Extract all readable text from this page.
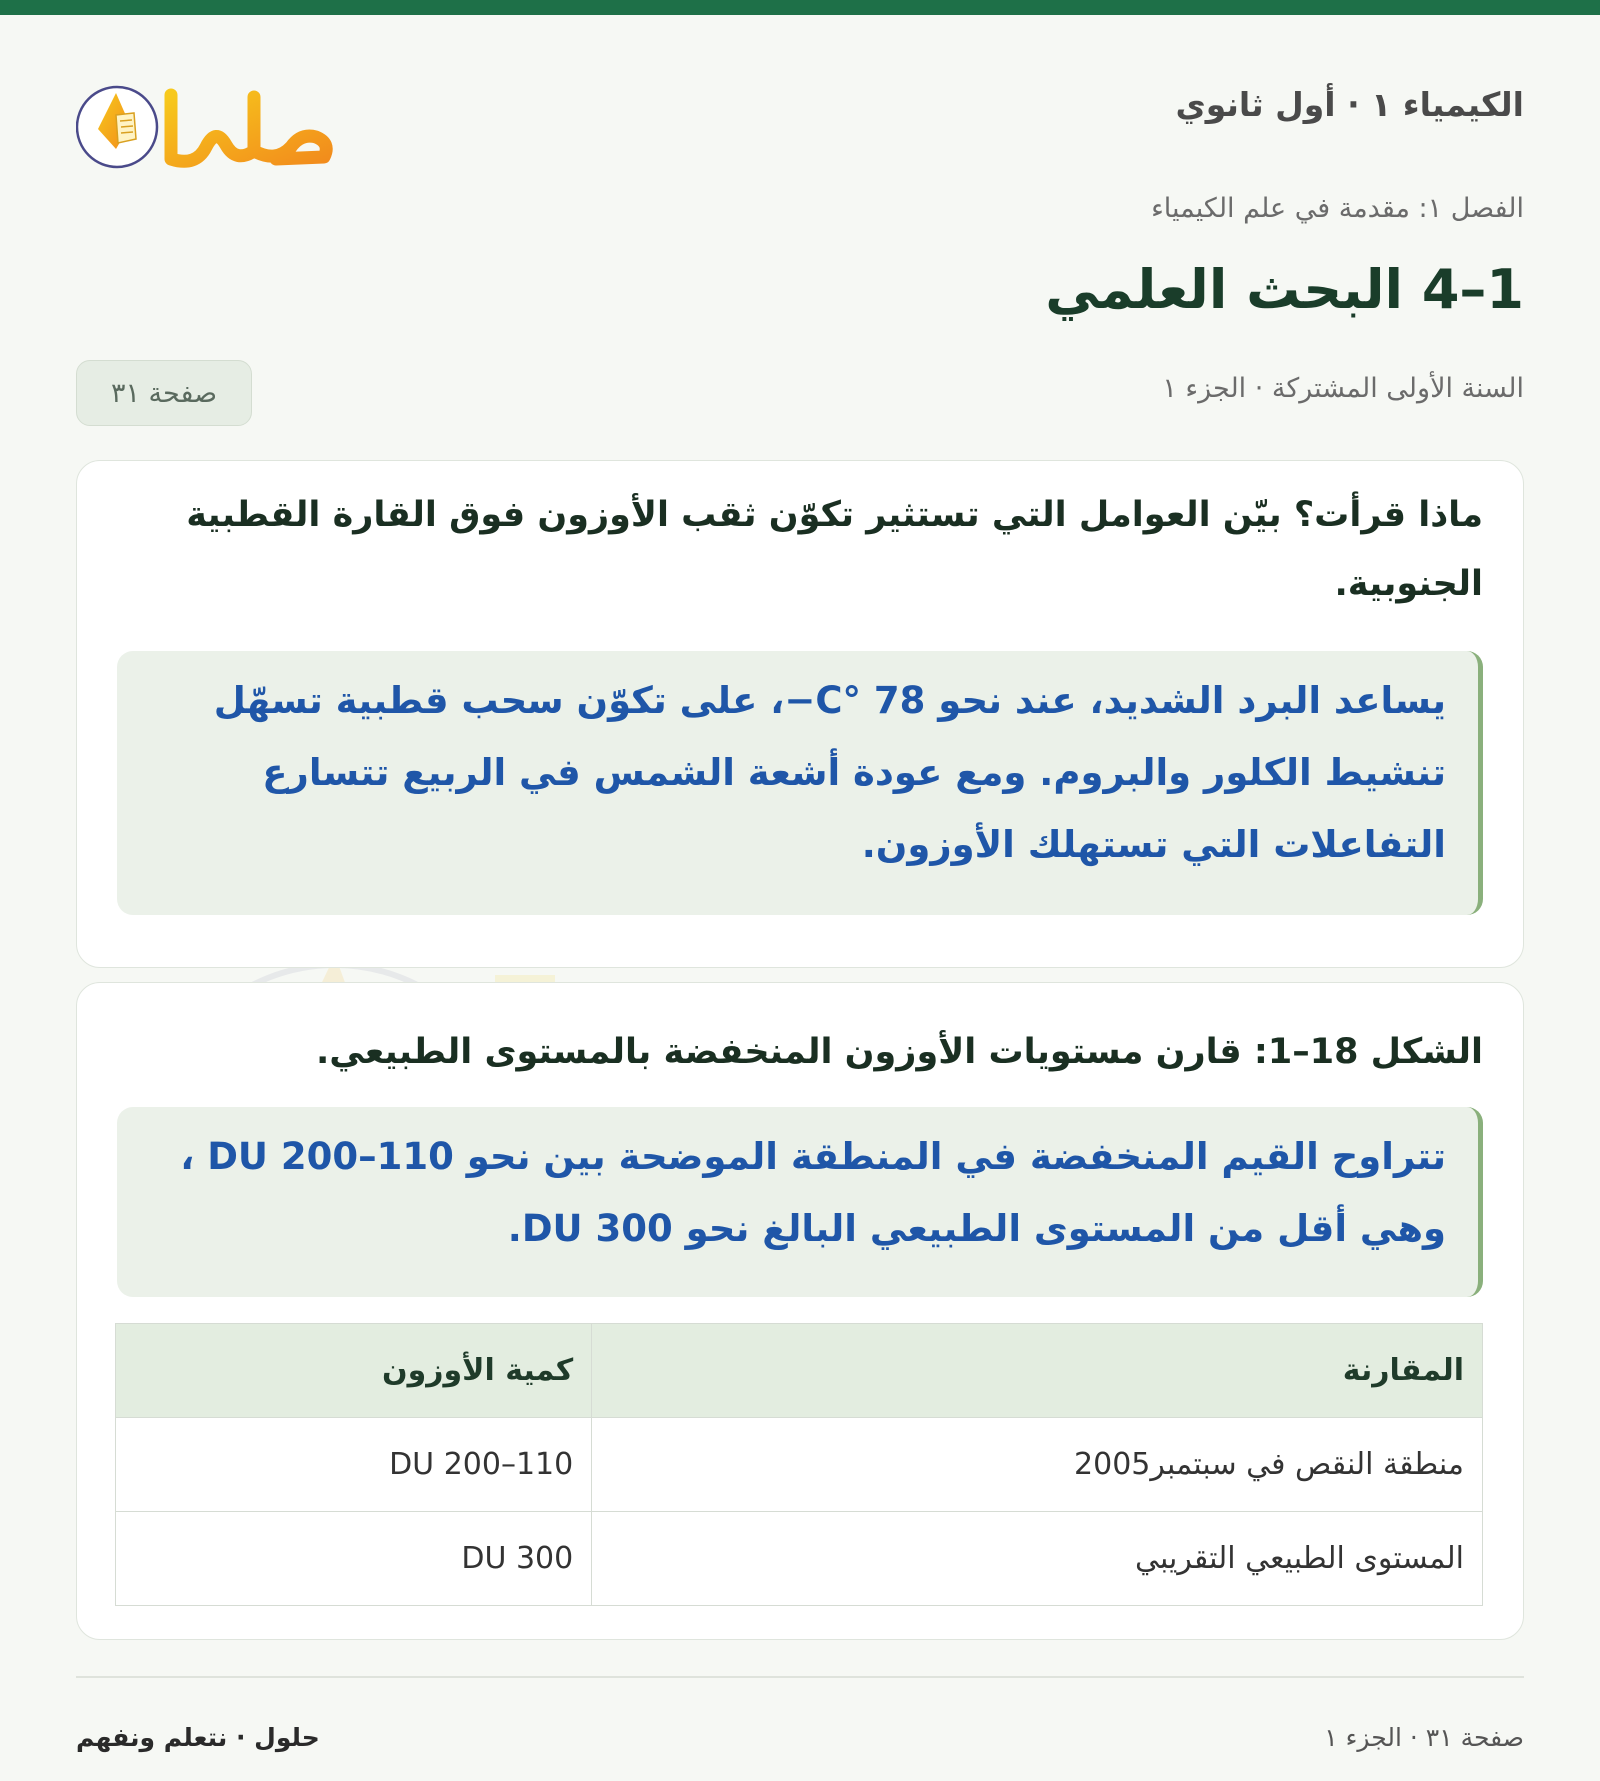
الكيمياء ١ · أول ثانوي
الفصل ١: مقدمة في علم الكيمياء
1–4 البحث العلمي
السنة الأولى المشتركة · الجزء ١
صفحة ٣١
ماذا قرأت؟ بيّن العوامل التي تستثير تكوّن ثقب الأوزون فوق القارة القطبية الجنوبية.
يساعد البرد الشديد، عند نحو 78 °C−، على تكوّن سحب قطبية تسهّل تنشيط الكلور والبروم. ومع عودة أشعة الشمس في الربيع تتسارع التفاعلات التي تستهلك الأوزون.
الشكل 18–1: قارن مستويات الأوزون المنخفضة بالمستوى الطبيعي.
تتراوح القيم المنخفضة في المنطقة الموضحة بين نحو 110–200 DU ، وهي أقل من المستوى الطبيعي البالغ نحو 300 DU.
المقارنة	كمية الأوزون
منطقة النقص في سبتمبر2005	110–200 DU
المستوى الطبيعي التقريبي	300 DU
صفحة ٣١ · الجزء ١
حلول · نتعلم ونفهم
